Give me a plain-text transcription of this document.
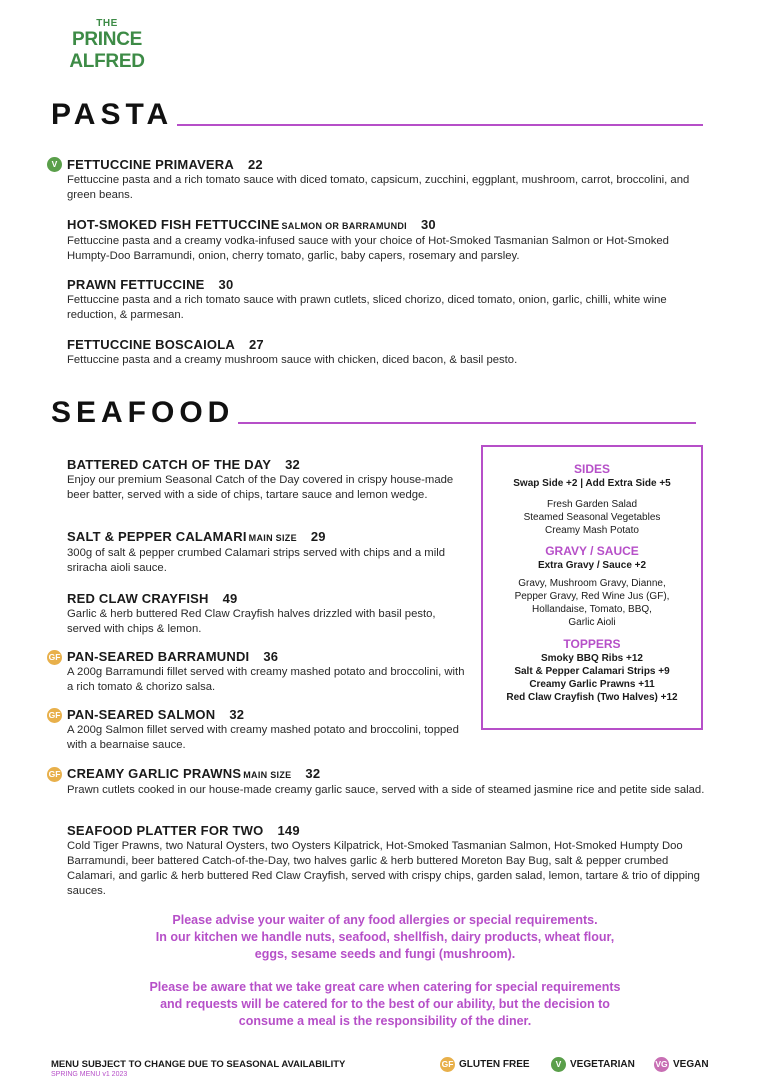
THE
PRINCE ALFRED
PASTA
V FETTUCCINE PRIMAVERA 22
Fettuccine pasta and a rich tomato sauce with diced tomato, capsicum, zucchini, eggplant, mushroom, carrot, broccolini, and green beans.
HOT-SMOKED FISH FETTUCCINE SALMON OR BARRAMUNDI 30
Fettuccine pasta and a creamy vodka-infused sauce with your choice of Hot-Smoked Tasmanian Salmon or Hot-Smoked Humpty-Doo Barramundi, onion, cherry tomato, garlic, baby capers, rosemary and parsley.
PRAWN FETTUCCINE 30
Fettuccine pasta and a rich tomato sauce with prawn cutlets, sliced chorizo, diced tomato, onion, garlic, chilli, white wine reduction, & parmesan.
FETTUCCINE BOSCAIOLA 27
Fettuccine pasta and a creamy mushroom sauce with chicken, diced bacon, & basil pesto.
SEAFOOD
BATTERED CATCH OF THE DAY 32
Enjoy our premium Seasonal Catch of the Day covered in crispy house-made beer batter, served with a side of chips, tartare sauce and lemon wedge.
SALT & PEPPER CALAMARI MAIN SIZE 29
300g of salt & pepper crumbed Calamari strips served with chips and a mild sriracha aioli sauce.
RED CLAW CRAYFISH 49
Garlic & herb buttered Red Claw Crayfish halves drizzled with basil pesto, served with chips & lemon.
GF PAN-SEARED BARRAMUNDI 36
A 200g Barramundi fillet served with creamy mashed potato and broccolini, with a rich tomato & chorizo salsa.
GF PAN-SEARED SALMON 32
A 200g Salmon fillet served with creamy mashed potato and broccolini, topped with a bearnaise sauce.
GF CREAMY GARLIC PRAWNS MAIN SIZE 32
Prawn cutlets cooked in our house-made creamy garlic sauce, served with a side of steamed jasmine rice and petite side salad.
SEAFOOD PLATTER FOR TWO 149
Cold Tiger Prawns, two Natural Oysters, two Oysters Kilpatrick, Hot-Smoked Tasmanian Salmon, Hot-Smoked Humpty Doo Barramundi, beer battered Catch-of-the-Day, two halves garlic & herb buttered Moreton Bay Bug, salt & pepper crumbed Calamari, and garlic & herb buttered Red Claw Crayfish, served with crispy chips, garden salad, lemon, tartare & trio of dipping sauces.
SIDES
Swap Side +2 | Add Extra Side +5
Fresh Garden Salad
Steamed Seasonal Vegetables
Creamy Mash Potato
GRAVY / SAUCE
Extra Gravy / Sauce +2
Gravy, Mushroom Gravy, Dianne,
Pepper Gravy, Red Wine Jus (GF),
Hollandaise, Tomato, BBQ,
Garlic Aioli
TOPPERS
Smoky BBQ Ribs +12
Salt & Pepper Calamari Strips +9
Creamy Garlic Prawns +11
Red Claw Crayfish (Two Halves) +12
Please advise your waiter of any food allergies or special requirements.
In our kitchen we handle nuts, seafood, shellfish, dairy products, wheat flour,
eggs, sesame seeds and fungi (mushroom).
Please be aware that we take great care when catering for special requirements
and requests will be catered for to the best of our ability, but the decision to
consume a meal is the responsibility of the diner.
MENU SUBJECT TO CHANGE DUE TO SEASONAL AVAILABILITY
SPRING MENU v1 2023
GF GLUTEN FREE	V VEGETARIAN VG VEGAN
